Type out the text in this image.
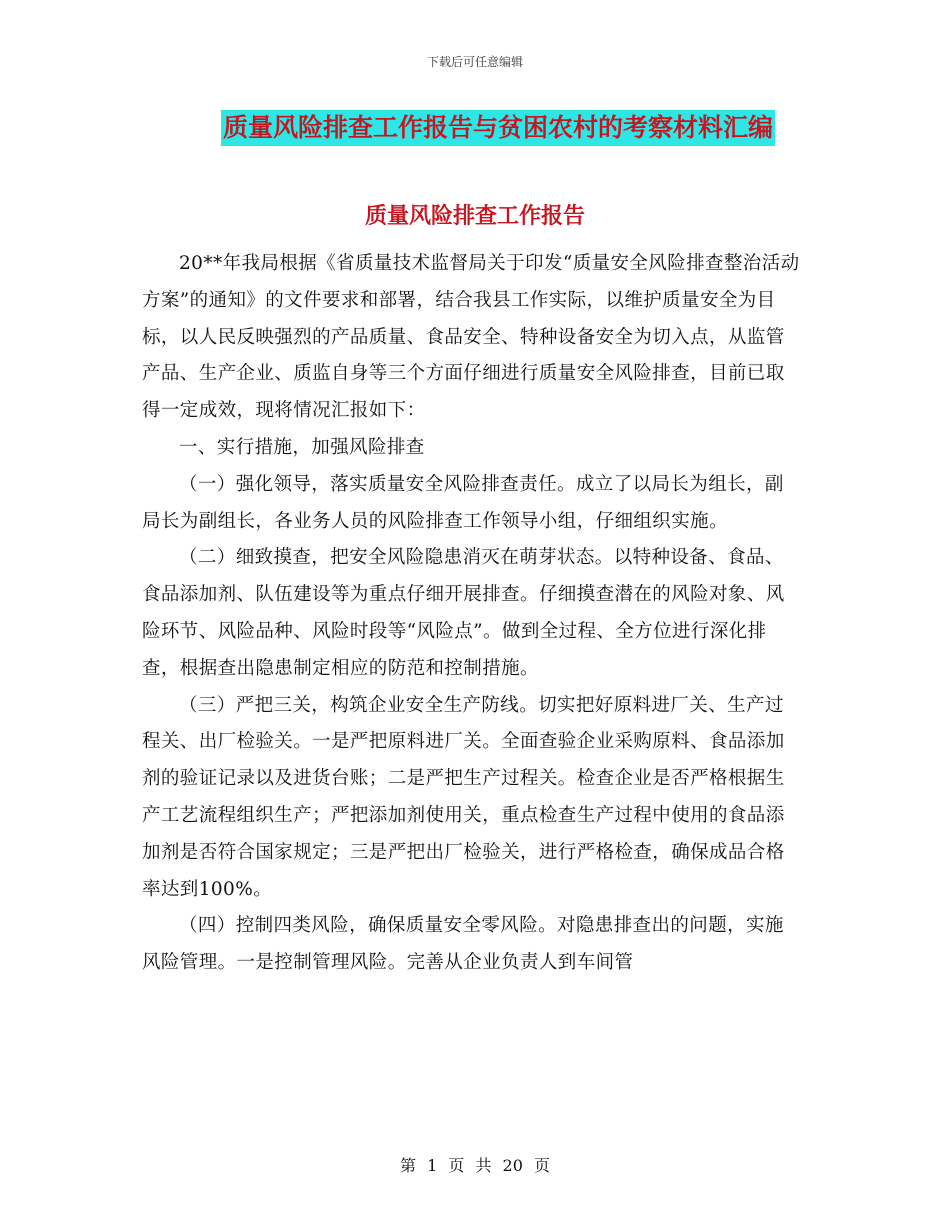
下载后可任意编辑
质量风险排查工作报告与贫困农村的考察材料汇编
质量风险排查工作报告

20**年我局根据《省质量技术监督局关于印发“质量安全风险排查整治活动方案”的通知》的文件要求和部署，结合我县工作实际，以维护质量安全为目标，以人民反映强烈的产品质量、食品安全、特种设备安全为切入点，从监管产品、生产企业、质监自身等三个方面仔细进行质量安全风险排查，目前已取得一定成效，现将情况汇报如下：

一、实行措施，加强风险排查

（一）强化领导，落实质量安全风险排查责任。成立了以局长为组长，副局长为副组长，各业务人员的风险排查工作领导小组，仔细组织实施。

（二）细致摸查，把安全风险隐患消灭在萌芽状态。以特种设备、食品、食品添加剂、队伍建设等为重点仔细开展排查。仔细摸查潜在的风险对象、风险环节、风险品种、风险时段等“风险点”。做到全过程、全方位进行深化排查，根据查出隐患制定相应的防范和控制措施。

（三）严把三关，构筑企业安全生产防线。切实把好原料进厂关、生产过程关、出厂检验关。一是严把原料进厂关。全面查验企业采购原料、食品添加剂的验证记录以及进货台账；二是严把生产过程关。检查企业是否严格根据生产工艺流程组织生产；严把添加剂使用关，重点检查生产过程中使用的食品添加剂是否符合国家规定；三是严把出厂检验关，进行严格检查，确保成品合格率达到100%。

（四）控制四类风险，确保质量安全零风险。对隐患排查出的问题，实施风险管理。一是控制管理风险。完善从企业负责人到车间管

第 1 页 共 20 页
